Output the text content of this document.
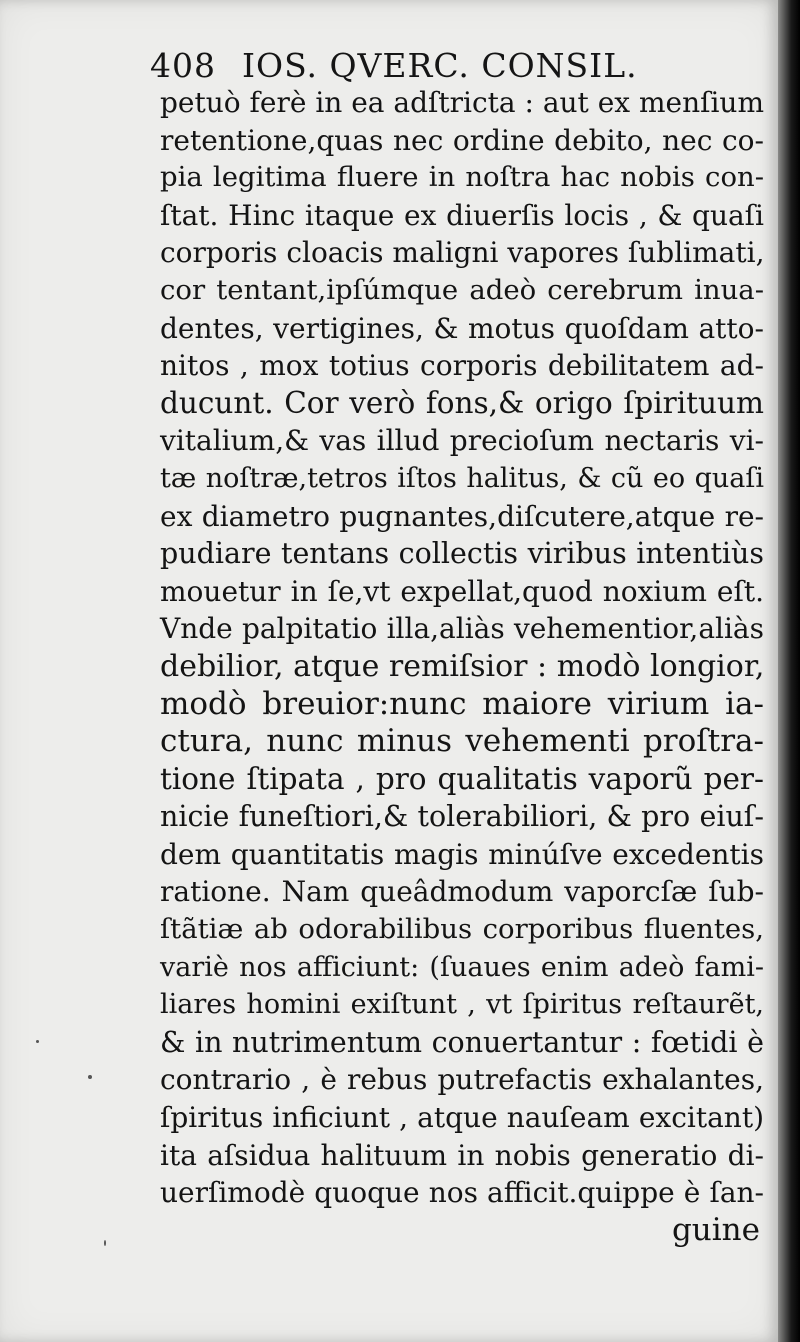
408 IOS. QVERC. CONSIL.
petuò ferè in ea adſtricta : aut ex menſium
retentione,quas nec ordine debito, nec co-
pia legitima fluere in noſtra hac nobis con-
ſtat. Hinc itaque ex diuerſis locis , & quaſi
corporis cloacis maligni vapores ſublimati,
cor tentant,ipſúmque adeò cerebrum inua-
dentes, vertigines, & motus quoſdam atto-
nitos , mox totius corporis debilitatem ad-
ducunt. Cor verò fons,& origo ſpirituum
vitalium,& vas illud precioſum nectaris vi-
tæ noſtræ,tetros iſtos halitus, & cũ eo quaſi
ex diametro pugnantes,diſcutere,atque re-
pudiare tentans collectis viribus intentiùs
mouetur in ſe,vt expellat,quod noxium eſt.
Vnde palpitatio illa,aliàs vehementior,aliàs
debilior, atque remiſsior : modò longior,
modò breuior:nunc maiore virium ia-
ctura, nunc minus vehementi proſtra-
tione ſtipata , pro qualitatis vaporũ per-
nicie funeſtiori,& tolerabiliori, & pro eiuſ-
dem quantitatis magis minúſve excedentis
ratione. Nam queâdmodum vaporcſæ ſub-
ſtãtiæ ab odorabilibus corporibus fluentes,
variè nos afficiunt: (ſuaues enim adeò fami-
liares homini exiſtunt , vt ſpiritus reſtaurẽt,
& in nutrimentum conuertantur : fœtidi è
contrario , è rebus putrefactis exhalantes,
ſpiritus inficiunt , atque nauſeam excitant)
ita aſsidua halituum in nobis generatio di-
uerſimodè quoque nos afficit.quippe è ſan-
guine
